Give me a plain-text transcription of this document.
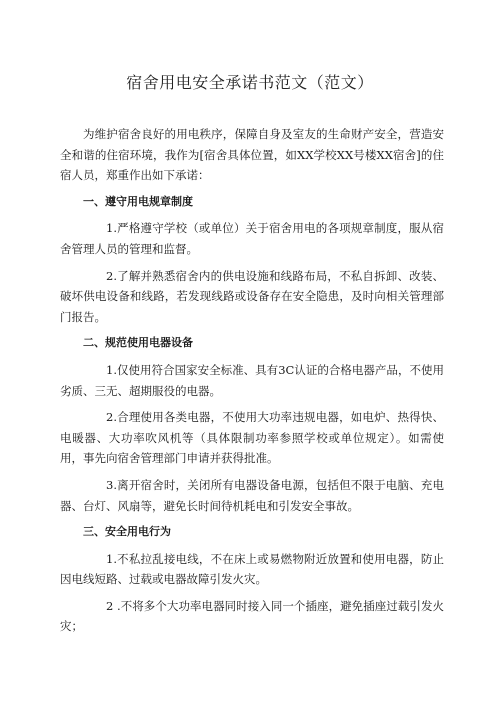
宿舍用电安全承诺书范文（范文）

为维护宿舍良好的用电秩序，保障自身及室友的生命财产安全，营造安全和谐的住宿环境，我作为[宿舍具体位置，如XX学校XX号楼XX宿舍]的住宿人员，郑重作出如下承诺：

一、遵守用电规章制度

1.严格遵守学校（或单位）关于宿舍用电的各项规章制度，服从宿舍管理人员的管理和监督。

2.了解并熟悉宿舍内的供电设施和线路布局，不私自拆卸、改装、破坏供电设备和线路，若发现线路或设备存在安全隐患，及时向相关管理部门报告。

二、规范使用电器设备

1.仅使用符合国家安全标准、具有3C认证的合格电器产品，不使用劣质、三无、超期服役的电器。

2.合理使用各类电器，不使用大功率违规电器，如电炉、热得快、电暖器、大功率吹风机等（具体限制功率参照学校或单位规定）。如需使用，事先向宿舍管理部门申请并获得批准。

3.离开宿舍时，关闭所有电器设备电源，包括但不限于电脑、充电器、台灯、风扇等，避免长时间待机耗电和引发安全事故。

三、安全用电行为

1.不私拉乱接电线，不在床上或易燃物附近放置和使用电器，防止因电线短路、过载或电器故障引发火灾。

2 .不将多个大功率电器同时接入同一个插座，避免插座过载引发火灾；
